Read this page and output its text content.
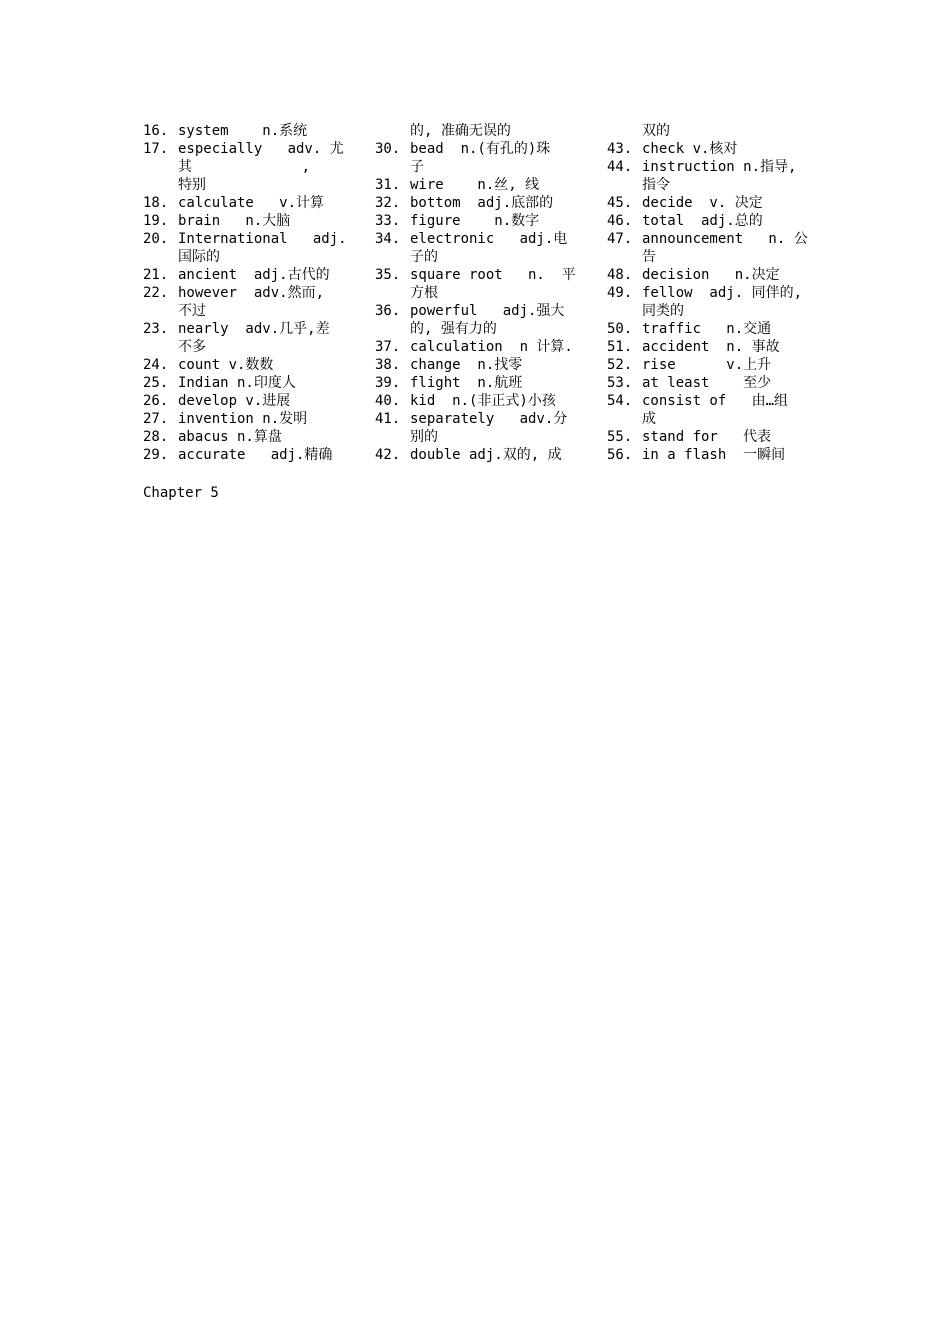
16. system    n.系统
17. especially   adv. 尤
其             ,
特别
18. calculate   v.计算
19. brain   n.大脑
20. International   adj.
国际的
21. ancient  adj.古代的
22. however  adv.然而,
不过
23. nearly  adv.几乎,差
不多
24. count v.数数
25. Indian n.印度人
26. develop v.进展
27. invention n.发明
28. abacus n.算盘
29. accurate   adj.精确
的, 准确无误的
30. bead  n.(有孔的)珠
子
31. wire    n.丝, 线
32. bottom  adj.底部的
33. figure    n.数字
34. electronic   adj.电
子的
35. square root   n.  平
方根
36. powerful   adj.强大
的, 强有力的
37. calculation  n 计算.
38. change  n.找零
39. flight  n.航班
40. kid  n.(非正式)小孩
41. separately   adv.分
别的
42. double adj.双的, 成
双的
43. check v.核对
44. instruction n.指导,
指令
45. decide  v. 决定
46. total  adj.总的
47. announcement   n. 公
告
48. decision   n.决定
49. fellow  adj. 同伴的,
同类的
50. traffic   n.交通
51. accident  n. 事故
52. rise      v.上升
53. at least    至少
54. consist of   由…组
成
55. stand for   代表
56. in a flash  一瞬间
Chapter 5
